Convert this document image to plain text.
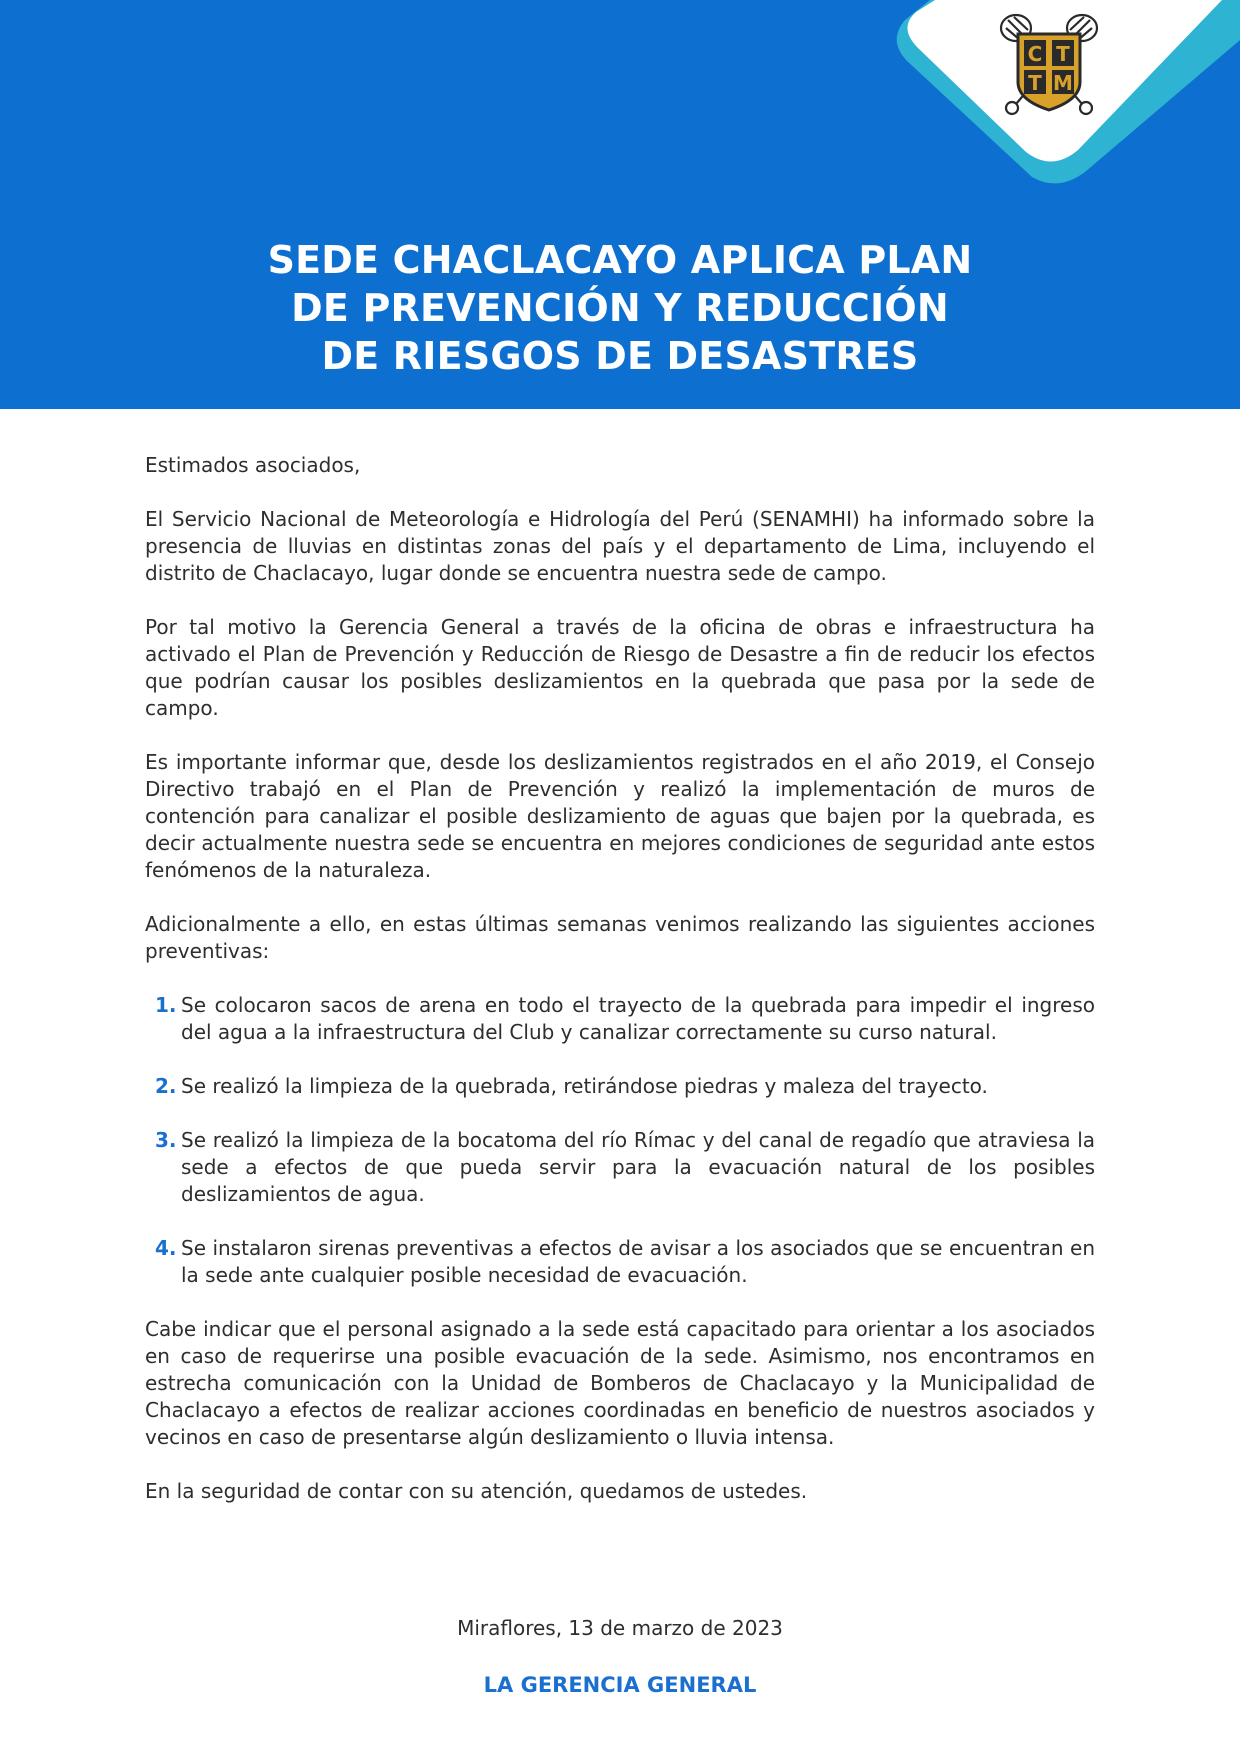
C T
T M
SEDE CHACLACAYO APLICA PLAN
DE PREVENCIÓN Y REDUCCIÓN
DE RIESGOS DE DESASTRES

Estimados asociados,

El Servicio Nacional de Meteorología e Hidrología del Perú (SENAMHI) ha informado sobre la presencia de lluvias en distintas zonas del país y el departamento de Lima, incluyendo el distrito de Chaclacayo, lugar donde se encuentra nuestra sede de campo.

Por tal motivo la Gerencia General a través de la oficina de obras e infraestructura ha activado el Plan de Prevención y Reducción de Riesgo de Desastre a fin de reducir los efectos que podrían causar los posibles deslizamientos en la quebrada que pasa por la sede de campo.

Es importante informar que, desde los deslizamientos registrados en el año 2019, el Consejo Directivo trabajó en el Plan de Prevención y realizó la implementación de muros de contención para canalizar el posible deslizamiento de aguas que bajen por la quebrada, es decir actualmente nuestra sede se encuentra en mejores condiciones de seguridad ante estos fenómenos de la naturaleza.

Adicionalmente a ello, en estas últimas semanas venimos realizando las siguientes acciones preventivas:

1. Se colocaron sacos de arena en todo el trayecto de la quebrada para impedir el ingreso del agua a la infraestructura del Club y canalizar correctamente su curso natural.
2. Se realizó la limpieza de la quebrada, retirándose piedras y maleza del trayecto.
3. Se realizó la limpieza de la bocatoma del río Rímac y del canal de regadío que atraviesa la sede a efectos de que pueda servir para la evacuación natural de los posibles deslizamientos de agua.
4. Se instalaron sirenas preventivas a efectos de avisar a los asociados que se encuentran en la sede ante cualquier posible necesidad de evacuación.

Cabe indicar que el personal asignado a la sede está capacitado para orientar a los asociados en caso de requerirse una posible evacuación de la sede. Asimismo, nos encontramos en estrecha comunicación con la Unidad de Bomberos de Chaclacayo y la Municipalidad de Chaclacayo a efectos de realizar acciones coordinadas en beneficio de nuestros asociados y vecinos en caso de presentarse algún deslizamiento o lluvia intensa.

En la seguridad de contar con su atención, quedamos de ustedes.

Miraflores, 13 de marzo de 2023
LA GERENCIA GENERAL
